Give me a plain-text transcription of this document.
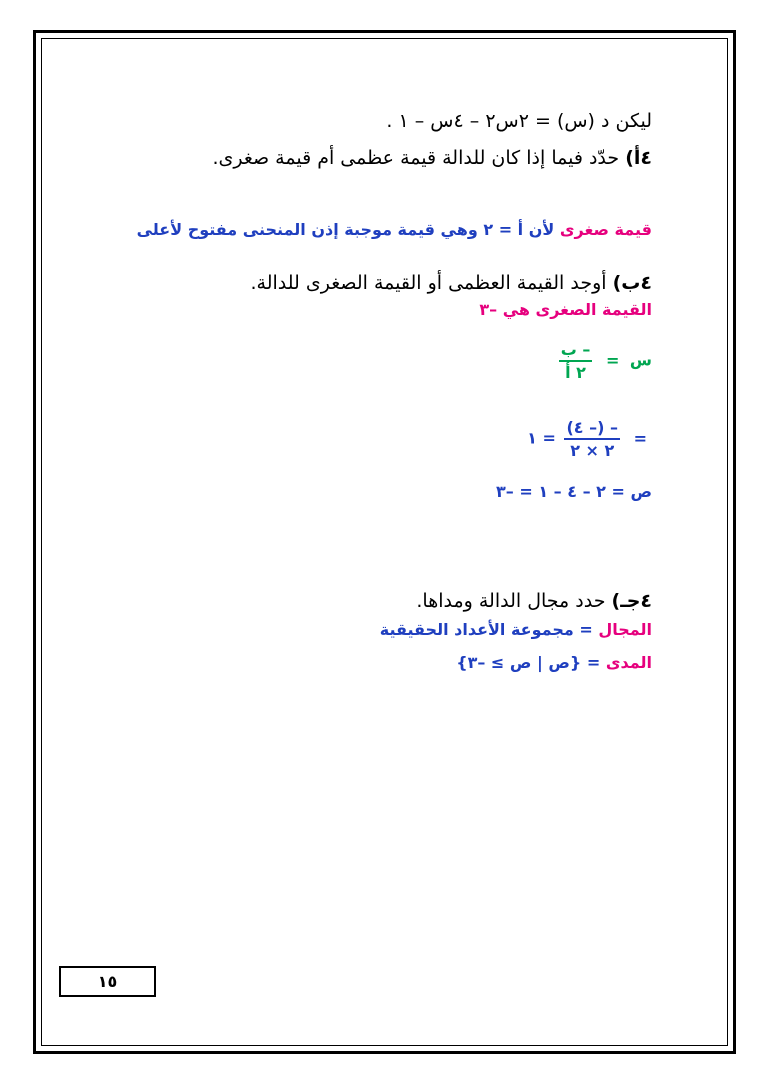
ليكن د (س) = ٢س٢ – ٤س – ١ .
٤أ) حدّد فيما إذا كان للدالة قيمة عظمى أم قيمة صغرى.
قيمة صغرى لأن أ = ٢ وهي قيمة موجبة إذن المنحنى مفتوح لأعلى
٤ب) أوجد القيمة العظمى أو القيمة الصغرى للدالة.
القيمة الصغرى هي –٣
س =
$\frac{\text{– ب}}{\text{٢ أ}}$
=
$\frac{- (- ٤)}{٢ \times ٢}$
= ١
ص = ٢ – ٤ – ١ = –٣
٤جـ) حدد مجال الدالة ومداها.
المجال = مجموعة الأعداد الحقيقية
المدى = {ص | ص ≥ –٣}
١٥
